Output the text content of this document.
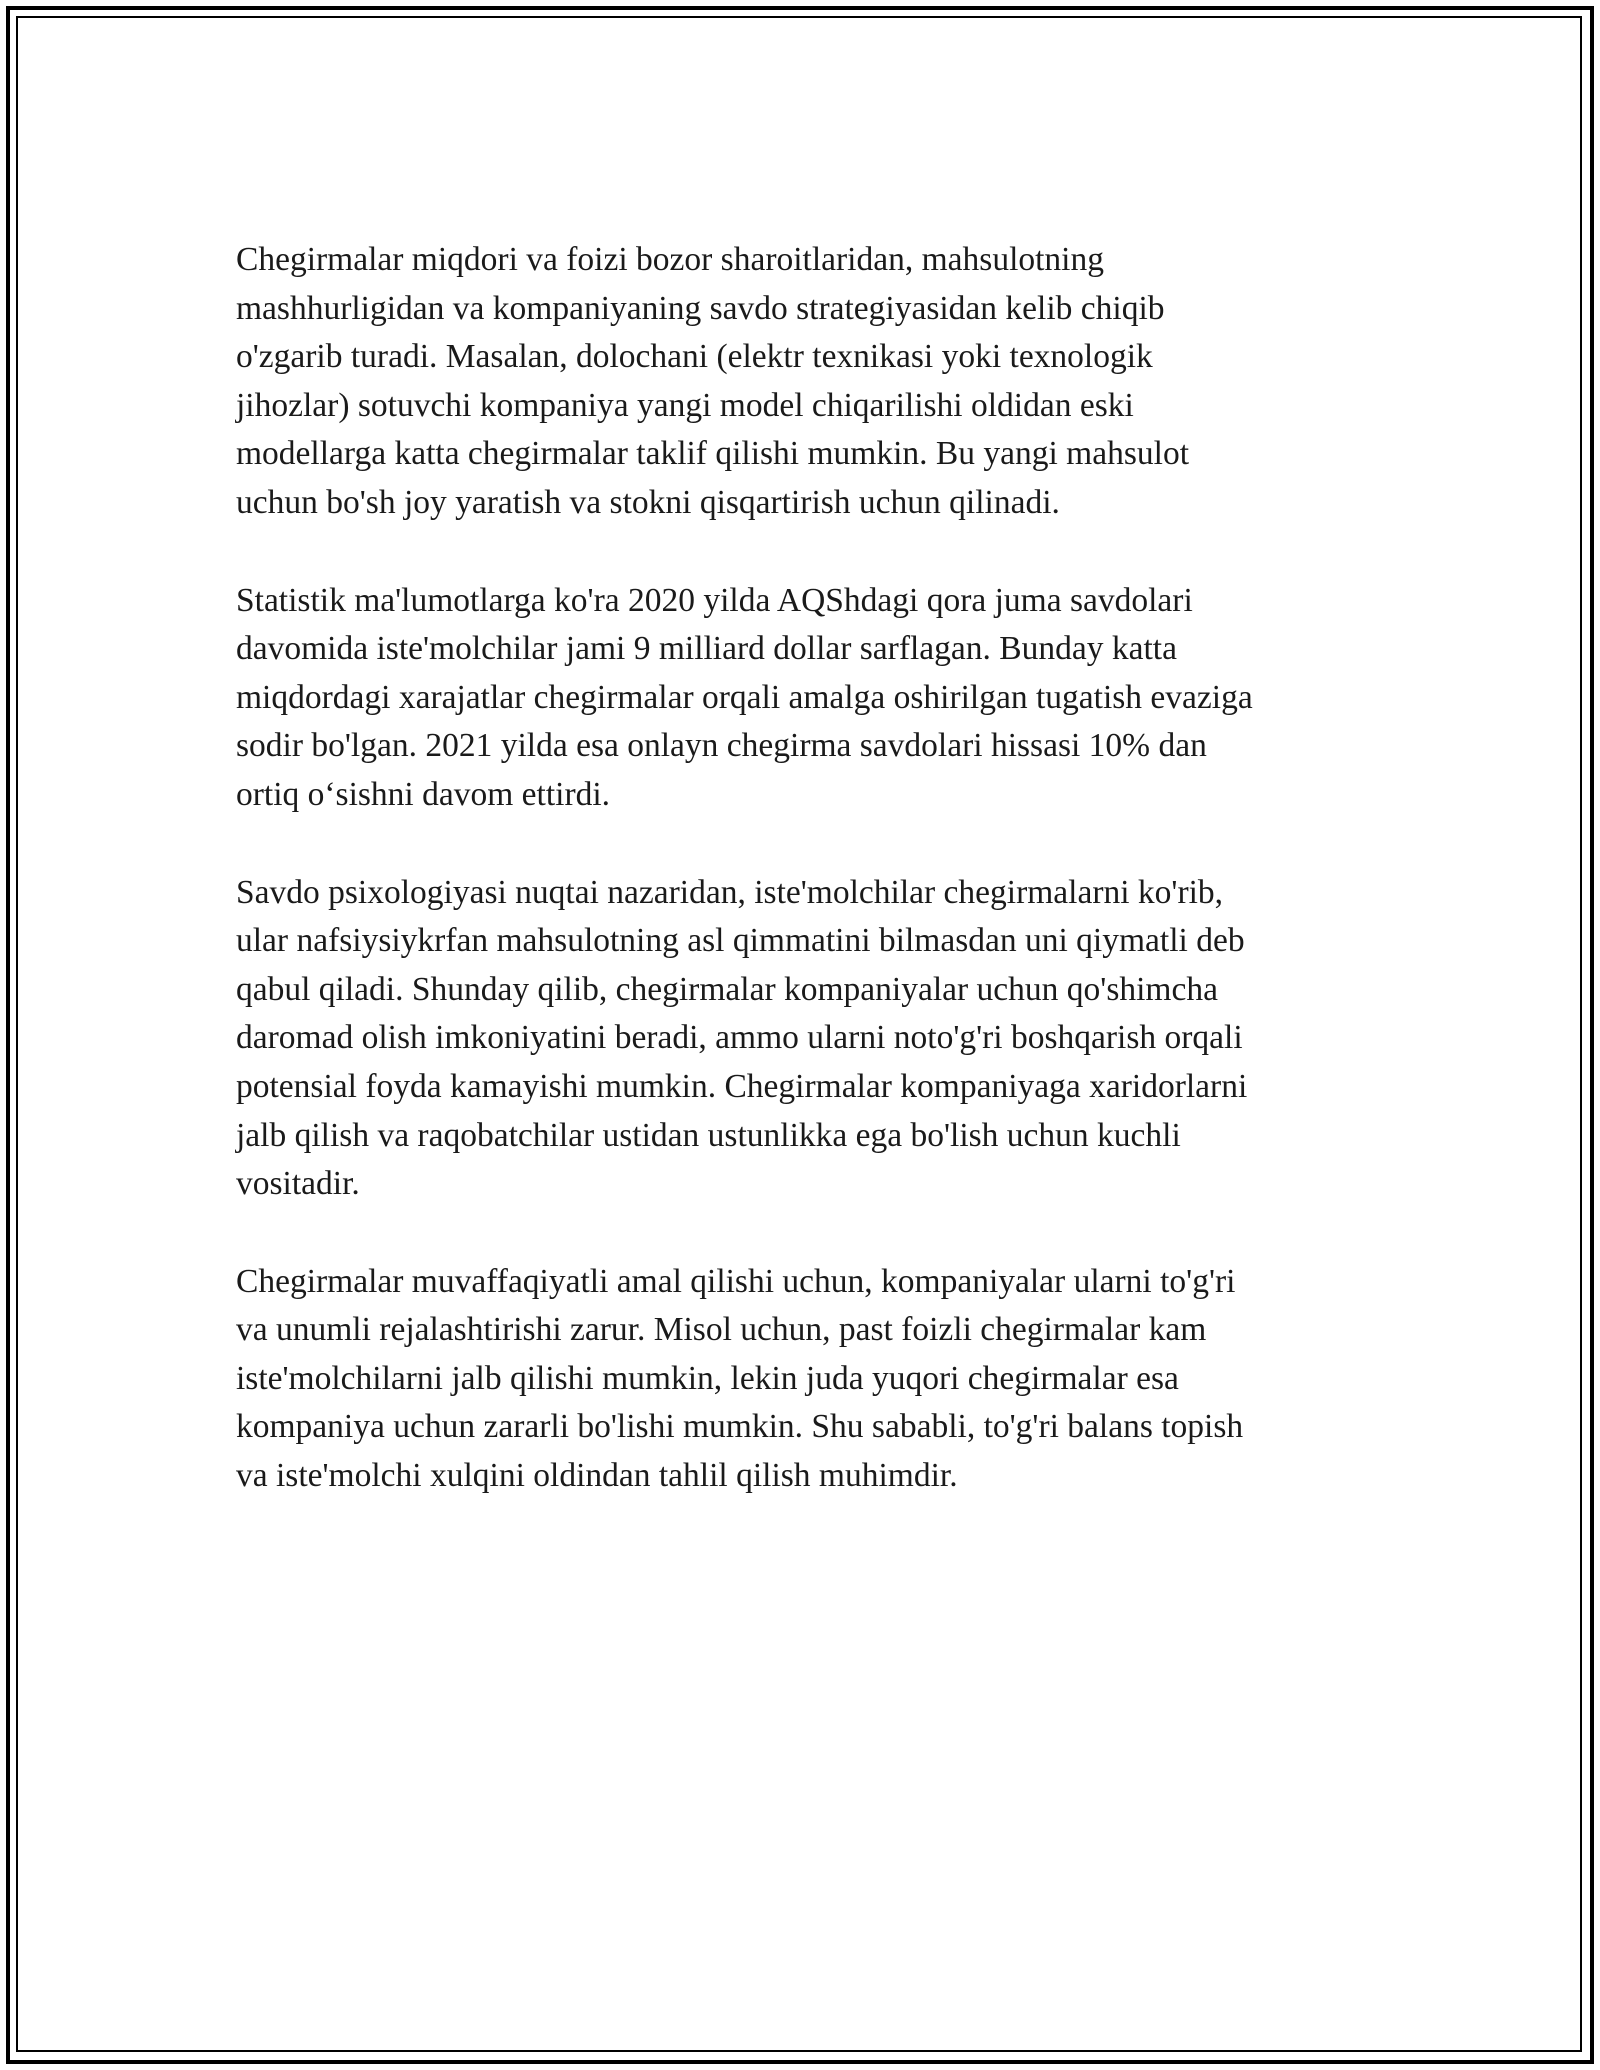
Chegirmalar miqdori va foizi bozor sharoitlaridan, mahsulotning
mashhurligidan va kompaniyaning savdo strategiyasidan kelib chiqib
o'zgarib turadi. Masalan, dolochani (elektr texnikasi yoki texnologik
jihozlar) sotuvchi kompaniya yangi model chiqarilishi oldidan eski
modellarga katta chegirmalar taklif qilishi mumkin. Bu yangi mahsulot
uchun bo'sh joy yaratish va stokni qisqartirish uchun qilinadi.

Statistik ma'lumotlarga ko'ra 2020 yilda AQShdagi qora juma savdolari
davomida iste'molchilar jami 9 milliard dollar sarflagan. Bunday katta
miqdordagi xarajatlar chegirmalar orqali amalga oshirilgan tugatish evaziga
sodir bo'lgan. 2021 yilda esa onlayn chegirma savdolari hissasi 10% dan
ortiq oʻsishni davom ettirdi.

Savdo psixologiyasi nuqtai nazaridan, iste'molchilar chegirmalarni ko'rib,
ular nafsiysiykrfan mahsulotning asl qimmatini bilmasdan uni qiymatli deb
qabul qiladi. Shunday qilib, chegirmalar kompaniyalar uchun qo'shimcha
daromad olish imkoniyatini beradi, ammo ularni noto'g'ri boshqarish orqali
potensial foyda kamayishi mumkin. Chegirmalar kompaniyaga xaridorlarni
jalb qilish va raqobatchilar ustidan ustunlikka ega bo'lish uchun kuchli
vositadir.

Chegirmalar muvaffaqiyatli amal qilishi uchun, kompaniyalar ularni to'g'ri
va unumli rejalashtirishi zarur. Misol uchun, past foizli chegirmalar kam
iste'molchilarni jalb qilishi mumkin, lekin juda yuqori chegirmalar esa
kompaniya uchun zararli bo'lishi mumkin. Shu sababli, to'g'ri balans topish
va iste'molchi xulqini oldindan tahlil qilish muhimdir.
